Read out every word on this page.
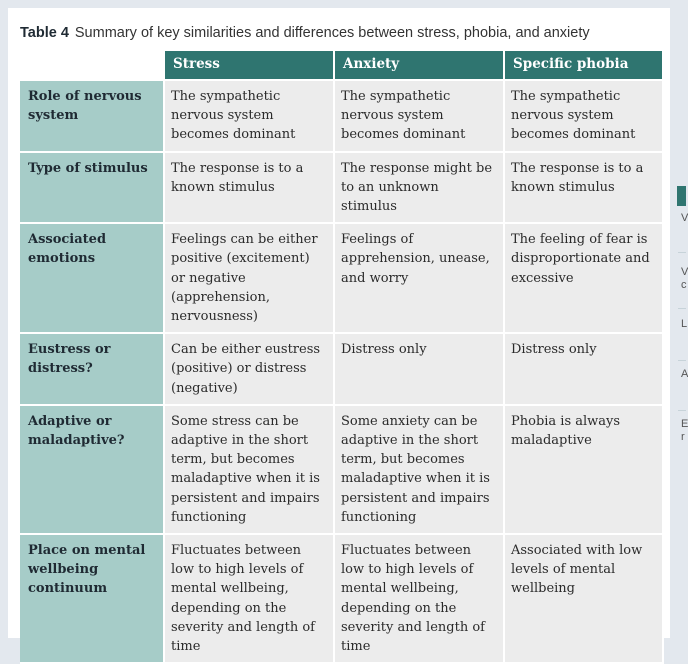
Table 4 Summary of key similarities and differences between stress, phobia, and anxiety
	Stress	Anxiety	Specific phobia
Role of nervous system	The sympathetic nervous system becomes dominant	The sympathetic nervous system becomes dominant	The sympathetic nervous system becomes dominant
Type of stimulus	The response is to a known stimulus	The response might be to an unknown stimulus	The response is to a known stimulus
Associated emotions	Feelings can be either positive (excitement) or negative (apprehension, nervousness)	Feelings of apprehension, unease, and worry	The feeling of fear is disproportionate and excessive
Eustress or distress?	Can be either eustress (positive) or distress (negative)	Distress only	Distress only
Adaptive or maladaptive?	Some stress can be adaptive in the short term, but becomes maladaptive when it is persistent and impairs functioning	Some anxiety can be adaptive in the short term, but becomes maladaptive when it is persistent and impairs functioning	Phobia is always maladaptive
Place on mental wellbeing continuum	Fluctuates between low to high levels of mental wellbeing, depending on the severity and length of time	Fluctuates between low to high levels of mental wellbeing, depending on the severity and length of time	Associated with low levels of mental wellbeing
V
V
c
L
A
E
r
